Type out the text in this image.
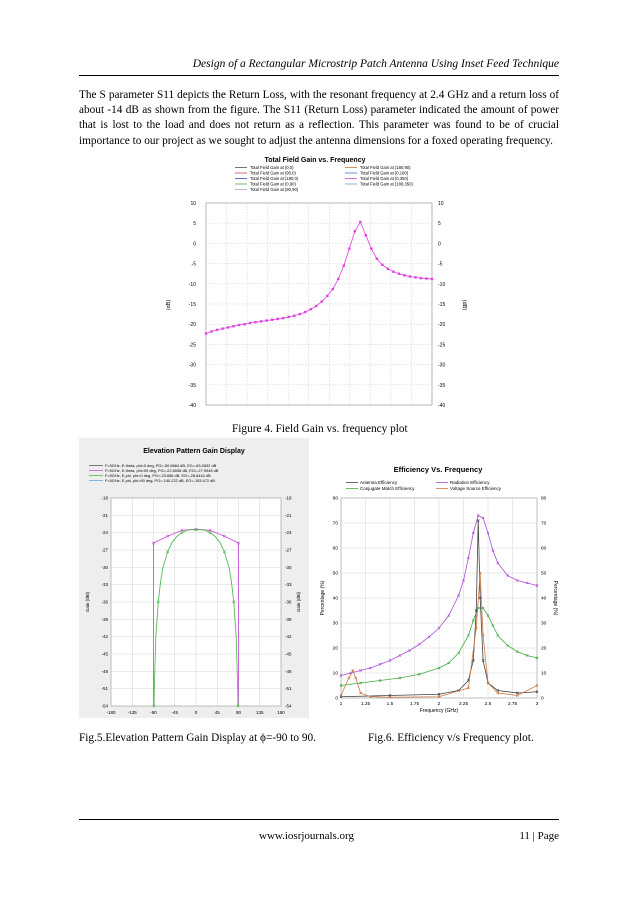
Design of a Rectangular Microstrip Patch Antenna Using Inset Feed Technique
The S parameter S11 depicts the Return Loss, with the resonant frequency at 2.4 GHz and a return loss of about -14 dB as shown from the figure. The S11 (Return Loss) parameter indicated the amount of power that is lost to the load and does not return as a reflection. This parameter was found to be of crucial importance to our project as we sought to adjust the antenna dimensions for a foxed operating frequency.
Total Field Gain vs. Frequency
Total Field Gain at (0,0)
Total Field Gain at (90,0)
Total Field Gain at (180,0)
Total Field Gain at (0,90)
Total Field Gain at (90,90)
Total Field Gain at (180,90)
Total Field Gain at (0,180)
Total Field Gain at (0,350)
Total Field Gain at (180,350)
10	10
5	5
0	0
-5	-5
-10	-10
-15	-15
-20	-20
-25	-25
-30	-30
-35	-35
-40	-40
(dB)	(dB)
Figure 4. Field Gain vs. frequency plot
Elevation Pattern Gain Display
F=5GHz, E-theta, phi=0 deg, PG=-50.8664 dB, EG=-63.2632 dB
F=5GHz, E-theta, phi=90 deg, PG=-22.6538 dB, EG=-27.9948 dB
F=5GHz, E-phi, phi=0 deg, PG=-23.656 dB, EG=-28.6416 dB
F=5GHz, E-phi, phi=90 deg, PG=-140.222 dB, EG=-153.472 dB
-180	-135	-90	-45	0	45	90	135	180
-18	-18
-21	-21
-24	-24
-27	-27
-30	-30
-33	-33
-36	-36
-39	-39
-42	-42
-45	-45
-48	-48
-51	-51
-54	-54
Gain (dBi)	Gain (dBi)
Fig.5.Elevation Pattern Gain Display at ϕ=-90 to 90.
Efficiency Vs. Frequency
Antenna Efficiency	Radiation Efficiency
Conjugate Match Efficiency	Voltage Source Efficiency
1	1.25	1.5	1.75	2	2.25	2.5	2.75	3
0	0
10	10
20	20
30	30
40	40
50	50
60	60
70	70
80	80
Frequency (GHz)
Percentage (%)	Percentage (%)
Fig.6. Efficiency v/s Frequency plot.
www.iosrjournals.org	11 | Page
